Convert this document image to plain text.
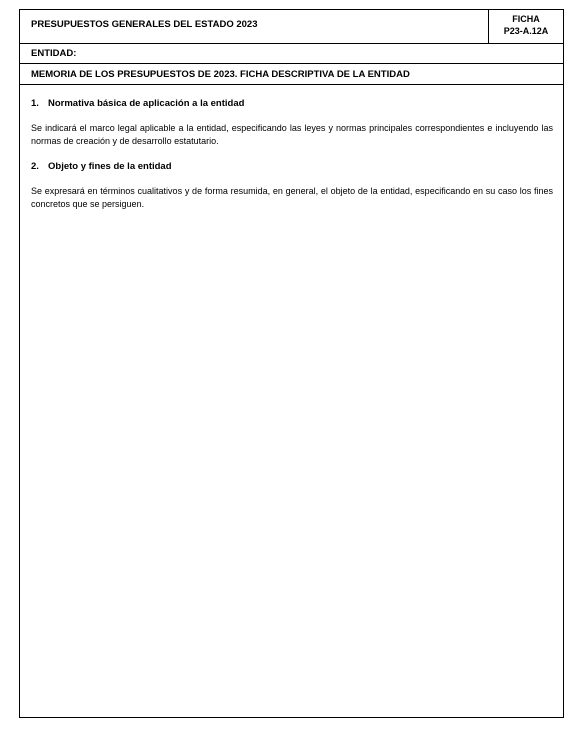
PRESUPUESTOS GENERALES DEL ESTADO 2023	FICHA
P23-A.12A
ENTIDAD:
MEMORIA DE LOS PRESUPUESTOS DE 2023. FICHA DESCRIPTIVA DE LA ENTIDAD

1. Normativa básica de aplicación a la entidad

Se indicará el marco legal aplicable a la entidad, especificando las leyes y normas principales correspondientes e incluyendo las normas de creación y de desarrollo estatutario.

2. Objeto y fines de la entidad

Se expresará en términos cualitativos y de forma resumida, en general, el objeto de la entidad, especificando en su caso los fines concretos que se persiguen.
